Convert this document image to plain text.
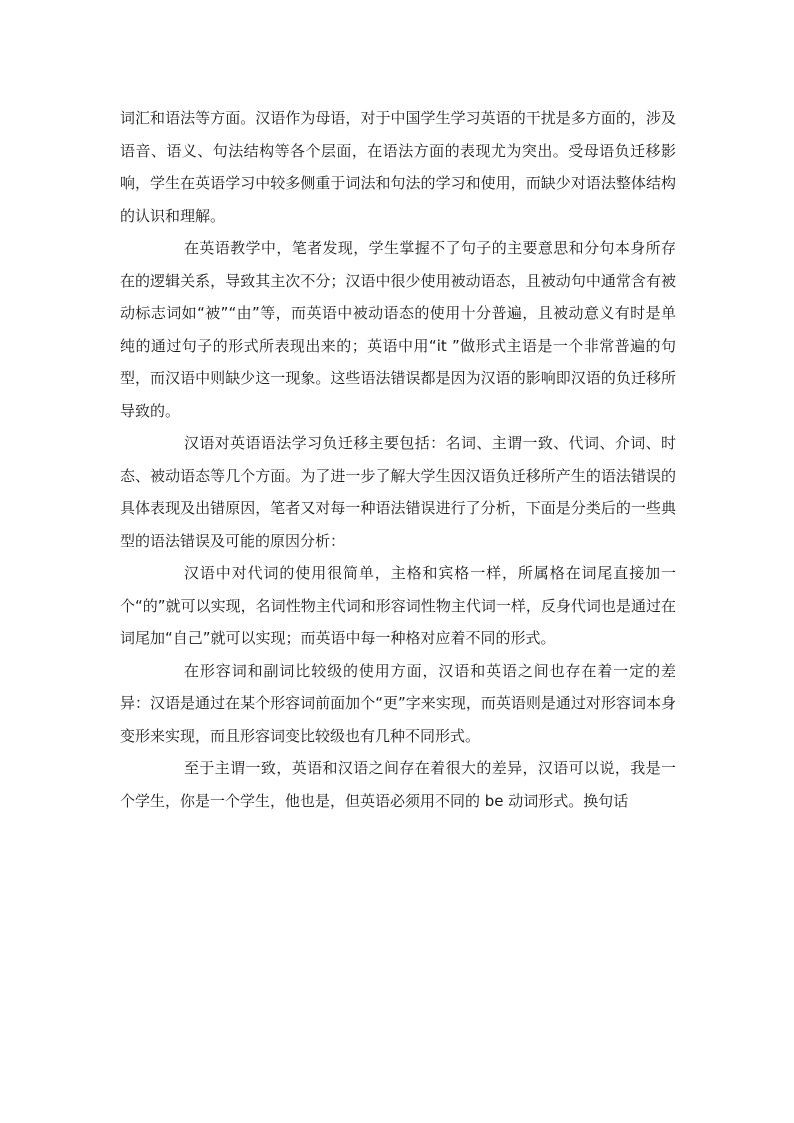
词汇和语法等方面。汉语作为母语，对于中国学生学习英语的干扰是多方面的，涉及语音、语义、句法结构等各个层面，在语法方面的表现尤为突出。受母语负迁移影响，学生在英语学习中较多侧重于词法和句法的学习和使用，而缺少对语法整体结构的认识和理解。

在英语教学中，笔者发现，学生掌握不了句子的主要意思和分句本身所存在的逻辑关系，导致其主次不分；汉语中很少使用被动语态，且被动句中通常含有被动标志词如“被”“由”等，而英语中被动语态的使用十分普遍，且被动意义有时是单纯的通过句子的形式所表现出来的；英语中用“it ”做形式主语是一个非常普遍的句型，而汉语中则缺少这一现象。这些语法错误都是因为汉语的影响即汉语的负迁移所导致的。

汉语对英语语法学习负迁移主要包括：名词、主谓一致、代词、介词、时态、被动语态等几个方面。为了进一步了解大学生因汉语负迁移所产生的语法错误的具体表现及出错原因，笔者又对每一种语法错误进行了分析，下面是分类后的一些典型的语法错误及可能的原因分析：

汉语中对代词的使用很简单，主格和宾格一样，所属格在词尾直接加一个“的”就可以实现，名词性物主代词和形容词性物主代词一样，反身代词也是通过在词尾加“自己”就可以实现；而英语中每一种格对应着不同的形式。

在形容词和副词比较级的使用方面，汉语和英语之间也存在着一定的差异：汉语是通过在某个形容词前面加个“更”字来实现，而英语则是通过对形容词本身变形来实现，而且形容词变比较级也有几种不同形式。

至于主谓一致，英语和汉语之间存在着很大的差异，汉语可以说，我是一个学生，你是一个学生，他也是，但英语必须用不同的 be 动词形式。换句话
